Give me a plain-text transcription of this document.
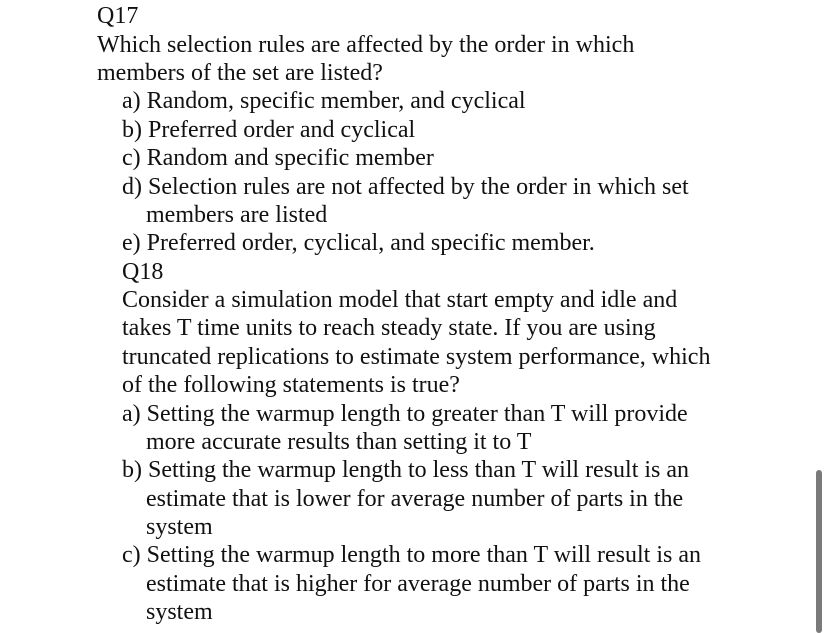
Q17
Which selection rules are affected by the order in which
members of the set are listed?
a) Random, specific member, and cyclical
b) Preferred order and cyclical
c) Random and specific member
d) Selection rules are not affected by the order in which set
members are listed
e) Preferred order, cyclical, and specific member.
Q18
Consider a simulation model that start empty and idle and
takes T time units to reach steady state. If you are using
truncated replications to estimate system performance, which
of the following statements is true?
a) Setting the warmup length to greater than T will provide
more accurate results than setting it to T
b) Setting the warmup length to less than T will result is an
estimate that is lower for average number of parts in the
system
c) Setting the warmup length to more than T will result is an
estimate that is higher for average number of parts in the
system
